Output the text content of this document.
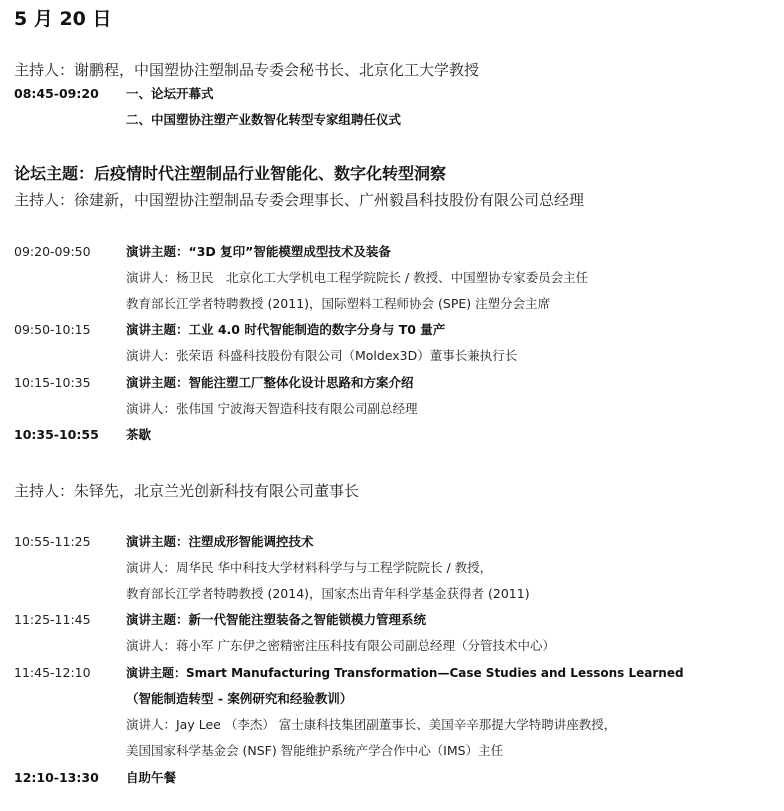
5 月 20 日
主持人：谢鹏程，中国塑协注塑制品专委会秘书长、北京化工大学教授
08:45-09:20 一、论坛开幕式
二、中国塑协注塑产业数智化转型专家组聘任仪式
论坛主题：后疫情时代注塑制品行业智能化、数字化转型洞察
主持人：徐建新，中国塑协注塑制品专委会理事长、广州毅昌科技股份有限公司总经理
09:20-09:50	演讲主题：“3D 复印”智能模塑成型技术及装备
演讲人：杨卫民　北京化工大学机电工程学院院长 / 教授、中国塑协专家委员会主任
教育部长江学者特聘教授 (2011)，国际塑料工程师协会 (SPE) 注塑分会主席
09:50-10:15	演讲主题：工业 4.0 时代智能制造的数字分身与 T0 量产
演讲人：张荣语 科盛科技股份有限公司（Moldex3D）董事长兼执行长
10:15-10:35	演讲主题：智能注塑工厂整体化设计思路和方案介绍
演讲人：张伟国 宁波海天智造科技有限公司副总经理
10:35-10:55 茶歇
主持人：朱铎先，北京兰光创新科技有限公司董事长
10:55-11:25	演讲主题：注塑成形智能调控技术
演讲人：周华民 华中科技大学材料科学与与工程学院院长 / 教授，
教育部长江学者特聘教授 (2014)，国家杰出青年科学基金获得者 (2011)
11:25-11:45	演讲主题：新一代智能注塑装备之智能锁模力管理系统
演讲人：蒋小军 广东伊之密精密注压科技有限公司副总经理（分管技术中心）
11:45-12:10	演讲主题：Smart Manufacturing Transformation—Case Studies and Lessons Learned
（智能制造转型 - 案例研究和经验教训）
演讲人：Jay Lee （李杰） 富士康科技集团副董事长、美国辛辛那提大学特聘讲座教授，
美国国家科学基金会 (NSF) 智能维护系统产学合作中心（IMS）主任
12:10-13:30 自助午餐
